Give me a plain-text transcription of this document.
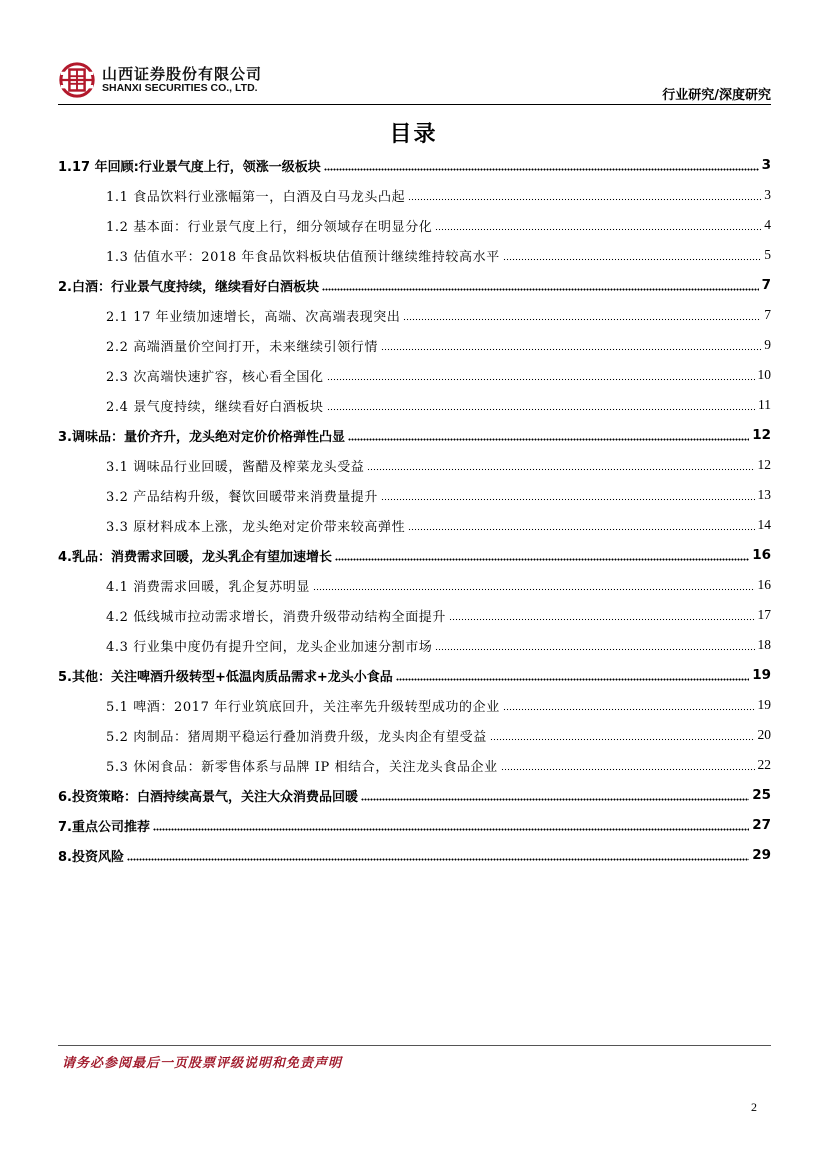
山西证券股份有限公司
SHANXI SECURITIES CO., LTD.	行业研究/深度研究
目录
1.17 年回顾:行业景气度上行，领涨一级板块	3
1.1 食品饮料行业涨幅第一，白酒及白马龙头凸起	3
1.2 基本面：行业景气度上行，细分领域存在明显分化	4
1.3 估值水平：2018 年食品饮料板块估值预计继续维持较高水平	5
2.白酒：行业景气度持续，继续看好白酒板块	7
2.1 17 年业绩加速增长，高端、次高端表现突出	7
2.2 高端酒量价空间打开，未来继续引领行情	9
2.3 次高端快速扩容，核心看全国化	10
2.4 景气度持续，继续看好白酒板块	11
3.调味品：量价齐升，龙头绝对定价价格弹性凸显	12
3.1 调味品行业回暖，酱醋及榨菜龙头受益	12
3.2 产品结构升级，餐饮回暖带来消费量提升	13
3.3 原材料成本上涨，龙头绝对定价带来较高弹性	14
4.乳品：消费需求回暖，龙头乳企有望加速增长	16
4.1 消费需求回暖，乳企复苏明显	16
4.2 低线城市拉动需求增长，消费升级带动结构全面提升	17
4.3 行业集中度仍有提升空间，龙头企业加速分割市场	18
5.其他：关注啤酒升级转型+低温肉质品需求+龙头小食品	19
5.1 啤酒：2017 年行业筑底回升，关注率先升级转型成功的企业	19
5.2 肉制品：猪周期平稳运行叠加消费升级，龙头肉企有望受益	20
5.3 休闲食品：新零售体系与品牌 IP 相结合，关注龙头食品企业	22
6.投资策略：白酒持续高景气，关注大众消费品回暖	25
7.重点公司推荐	27
8.投资风险	29
请务必参阅最后一页股票评级说明和免责声明
2
